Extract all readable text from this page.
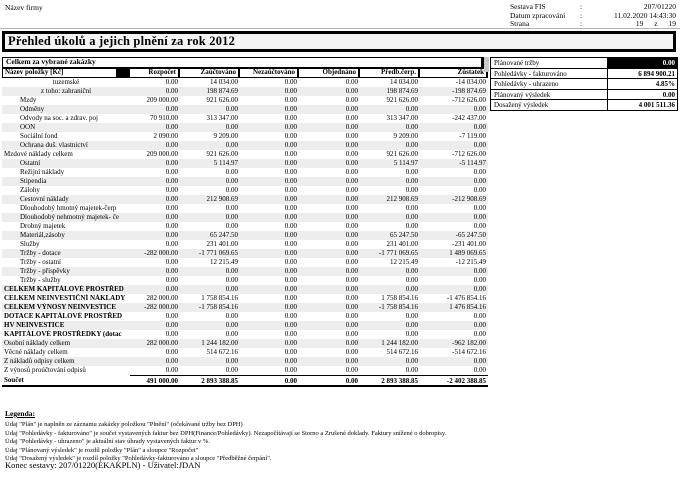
Název firmy	Sestava FIS	:	207/01220
Datum zpracování	:	11.02.2020 14:43:30
Strana	:	19 z 19
Přehled úkolů a jejich plnění za rok 2012
Celkem za vybrané zakázky
Název položky [Kč]	Rozpočet	Zaúčtováno	Nezaúčtováno	Objednáno	Předb.čerp.	Zůstatek
tuzemské	0.00	14 034.00	0.00	0.00	14 034.00	-14 034.00
z toho: zahraniční	0.00	198 874.69	0.00	0.00	198 874.69	-198 874.69
Mzdy	209 000.00	921 626.00	0.00	0.00	921 626.00	-712 626.00
Odměny	0.00	0.00	0.00	0.00	0.00	0.00
Odvody na soc. a zdrav. poj	70 910.00	313 347.00	0.00	0.00	313 347.00	-242 437.00
OON	0.00	0.00	0.00	0.00	0.00	0.00
Sociální fond	2 090.00	9 209.00	0.00	0.00	9 209.00	-7 119.00
Ochrana duš. vlastnictví	0.00	0.00	0.00	0.00	0.00	0.00
Mzdové náklady celkem	209 000.00	921 626.00	0.00	0.00	921 626.00	-712 626.00
Ostatní	0.00	5 114.97	0.00	0.00	5 114.97	-5 114.97
Režijní náklady	0.00	0.00	0.00	0.00	0.00	0.00
Stipendia	0.00	0.00	0.00	0.00	0.00	0.00
Zálohy	0.00	0.00	0.00	0.00	0.00	0.00
Cestovní náklady	0.00	212 908.69	0.00	0.00	212 908.69	-212 908.69
Dlouhodobý hmotný majetek-čerp	0.00	0.00	0.00	0.00	0.00	0.00
Dlouhodobý nehmotný majetek- če	0.00	0.00	0.00	0.00	0.00	0.00
Drobný majetek	0.00	0.00	0.00	0.00	0.00	0.00
Materiál,zásoby	0.00	65 247.50	0.00	0.00	65 247.50	-65 247.50
Služby	0.00	231 401.00	0.00	0.00	231 401.00	-231 401.00
Tržby - dotace	-282 000.00	-1 771 069.65	0.00	0.00	-1 771 069.65	1 489 069.65
Tržby - ostatní	0.00	12 215.49	0.00	0.00	12 215.49	-12 215.49
Tržby - příspěvky	0.00	0.00	0.00	0.00	0.00	0.00
Tržby - služby	0.00	0.00	0.00	0.00	0.00	0.00
CELKEM KAPITÁLOVÉ PROSTŘED	0.00	0.00	0.00	0.00	0.00	0.00
CELKEM NEINVESTIČNÍ NÁKLADY	282 000.00	1 758 854.16	0.00	0.00	1 758 854.16	-1 476 854.16
CELKEM VÝNOSY NEINVESTICE	-282 000.00	-1 758 854.16	0.00	0.00	-1 758 854.16	1 476 854.16
DOTACE KAPITÁLOVÉ PROSTŘED	0.00	0.00	0.00	0.00	0.00	0.00
HV NEINVESTICE	0.00	0.00	0.00	0.00	0.00	0.00
KAPITÁLOVÉ PROSTŘEDKY (dotac	0.00	0.00	0.00	0.00	0.00	0.00
Osobní náklady celkem	282 000.00	1 244 182.00	0.00	0.00	1 244 182.00	-962 182.00
Věcné náklady celkem	0.00	514 672.16	0.00	0.00	514 672.16	-514 672.16
Z nákladů odpisy celkem	0.00	0.00	0.00	0.00	0.00	0.00
Z výnosů proúčtování odpisů	0.00	0.00	0.00	0.00	0.00	0.00
Součet	491 000.00	2 893 388.85	0.00	0.00	2 893 388.85	-2 402 388.85
Plánované tržby	0.00
Pohledávky - fakturováno	6 894 900.21
Pohledávky - uhrazeno	4.85%
Plánovaný výsledek	0.00
Dosažený výsledek	4 001 511.36
Legenda:
Údaj "Plán" je naplněn ze záznamu zakázky položkou "Plnění" (očekávané tržby bez DPH)
Údaj "Pohledávky - fakturováno" je součet vystavených faktur bez DPH(Finance/Pohledávky). Nezapočítávají se Storno a Zrušené doklady. Faktury snížené o dobropisy.
Údaj "Pohledávky - uhrazeno" je aktuální stav úhrady vystavených faktur v %.
Údaj "Plánovaný výsledek" je rozdíl položky "Plán" a sloupce "Rozpočet"
Údaj "Dosažený výsledek" je rozdíl položky "Pohledávky-fakturováno a sloupce "Předběžné čerpání".
Konec sestavy: 207/01220(EKAKPLN) - Uživatel:JDAN
